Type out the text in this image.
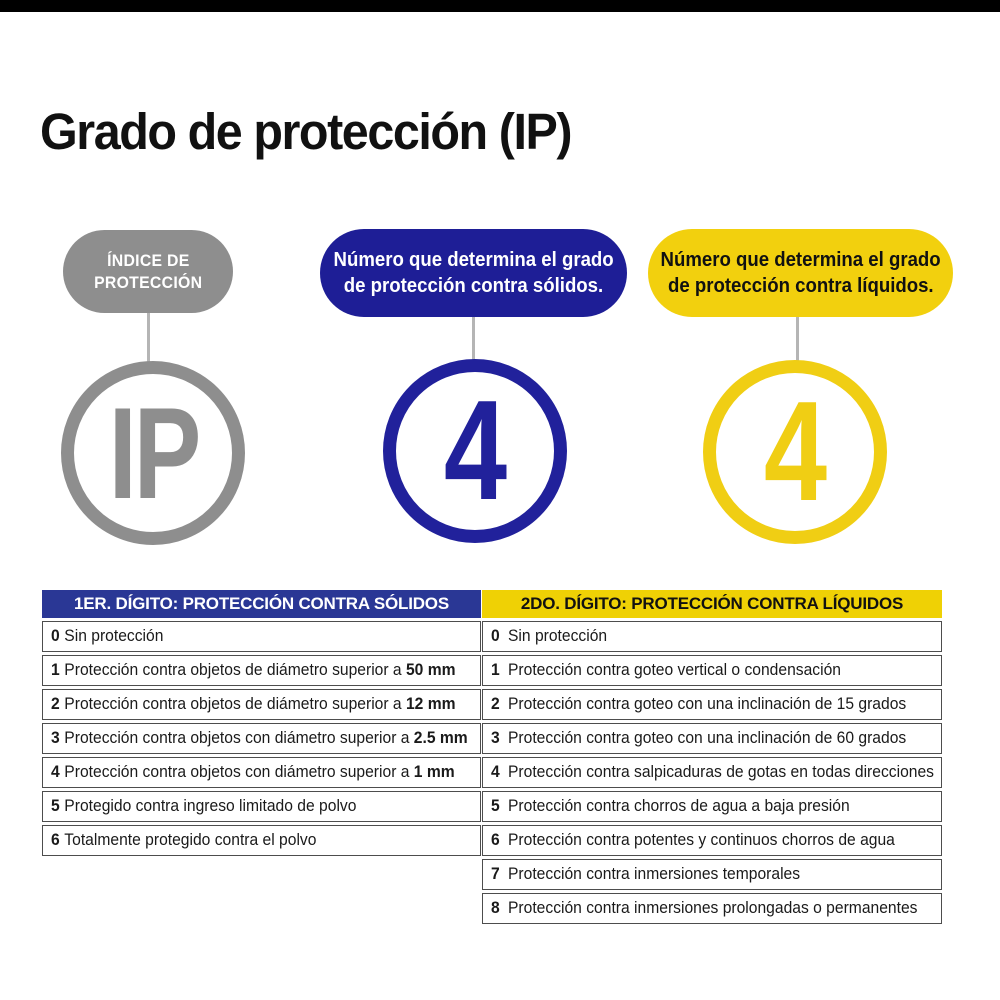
Grado de protección (IP)
ÍNDICE DE
PROTECCIÓN
IP
Número que determina el grado
de protección contra sólidos.
4
Número que determina el grado
de protección contra líquidos.
4
1ER. DÍGITO: PROTECCIÓN CONTRA SÓLIDOS
0 Sin protección
1 Protección contra objetos de diámetro superior a 50 mm
2 Protección contra objetos de diámetro superior a 12 mm
3 Protección contra objetos con diámetro superior a 2.5 mm
4 Protección contra objetos con diámetro superior a 1 mm
5 Protegido contra ingreso limitado de polvo
6 Totalmente protegido contra el polvo
2DO. DÍGITO: PROTECCIÓN CONTRA LÍQUIDOS
0 Sin protección
1 Protección contra goteo vertical o condensación
2 Protección contra goteo con una inclinación de 15 grados
3 Protección contra goteo con una inclinación de 60 grados
4 Protección contra salpicaduras de gotas en todas direcciones
5 Protección contra chorros de agua a baja presión
6 Protección contra potentes y continuos chorros de agua
7 Protección contra inmersiones temporales
8 Protección contra inmersiones prolongadas o permanentes
